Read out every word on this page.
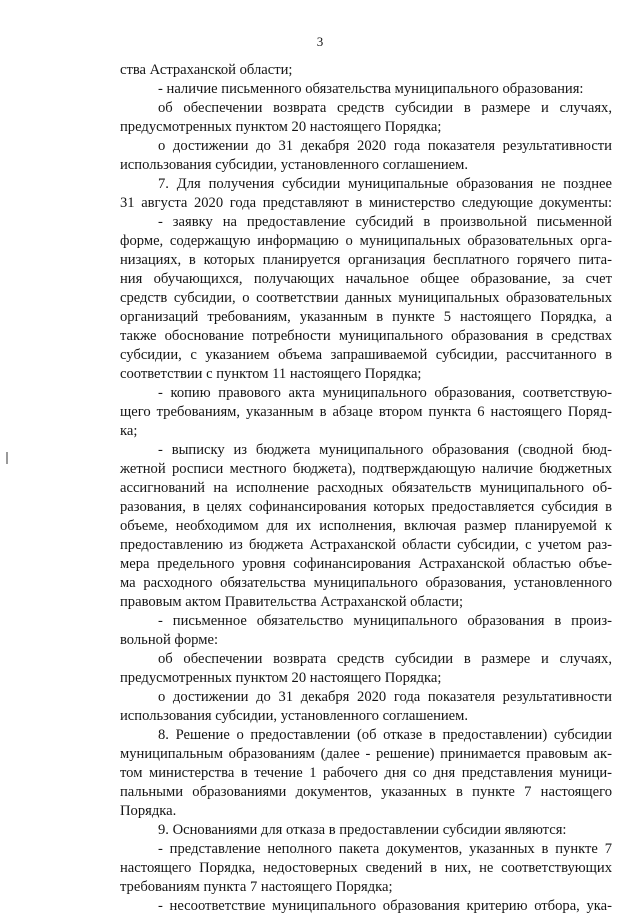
3
ства Астраханской области;
- наличие письменного обязательства муниципального образования:
об обеспечении возврата средств субсидии в размере и случаях,
предусмотренных пунктом 20 настоящего Порядка;
о достижении до 31 декабря 2020 года показателя результативности
использования субсидии, установленного соглашением.
7. Для получения субсидии муниципальные образования не позднее
31 августа 2020 года представляют в министерство следующие документы:
- заявку на предоставление субсидий в произвольной письменной
форме, содержащую информацию о муниципальных образовательных орга-
низациях, в которых планируется организация бесплатного горячего пита-
ния обучающихся, получающих начальное общее образование, за счет
средств субсидии, о соответствии данных муниципальных образовательных
организаций требованиям, указанным в пункте 5 настоящего Порядка, а
также обоснование потребности муниципального образования в средствах
субсидии, с указанием объема запрашиваемой субсидии, рассчитанного в
соответствии с пунктом 11 настоящего Порядка;
- копию правового акта муниципального образования, соответствую-
щего требованиям, указанным в абзаце втором пункта 6 настоящего Поряд-
ка;
- выписку из бюджета муниципального образования (сводной бюд-
жетной росписи местного бюджета), подтверждающую наличие бюджетных
ассигнований на исполнение расходных обязательств муниципального об-
разования, в целях софинансирования которых предоставляется субсидия в
объеме, необходимом для их исполнения, включая размер планируемой к
предоставлению из бюджета Астраханской области субсидии, с учетом раз-
мера предельного уровня софинансирования Астраханской областью объе-
ма расходного обязательства муниципального образования, установленного
правовым актом Правительства Астраханской области;
- письменное обязательство муниципального образования в произ-
вольной форме:
об обеспечении возврата средств субсидии в размере и случаях,
предусмотренных пунктом 20 настоящего Порядка;
о достижении до 31 декабря 2020 года показателя результативности
использования субсидии, установленного соглашением.
8. Решение о предоставлении (об отказе в предоставлении) субсидии
муниципальным образованиям (далее - решение) принимается правовым ак-
том министерства в течение 1 рабочего дня со дня представления муници-
пальными образованиями документов, указанных в пункте 7 настоящего
Порядка.
9. Основаниями для отказа в предоставлении субсидии являются:
- представление неполного пакета документов, указанных в пункте 7
настоящего Порядка, недостоверных сведений в них, не соответствующих
требованиям пункта 7 настоящего Порядка;
- несоответствие муниципального образования критерию отбора, ука-
